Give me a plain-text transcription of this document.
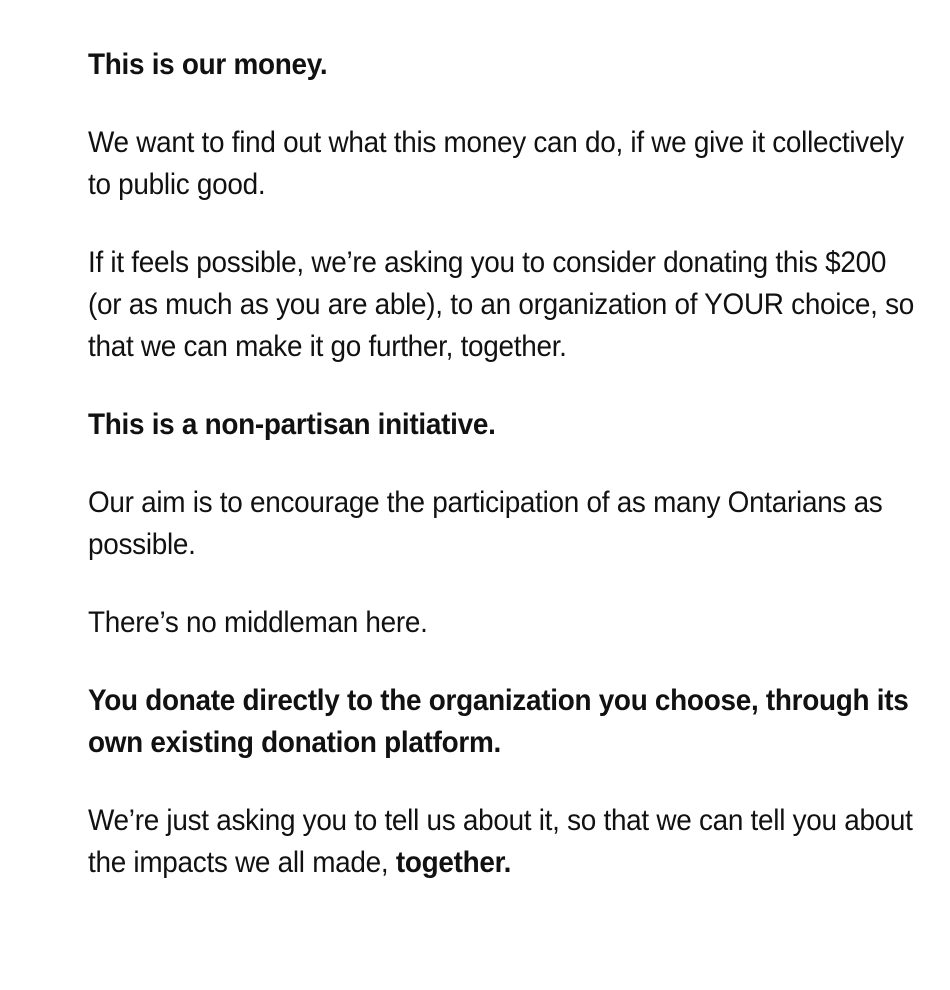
This is our money.

We want to find out what this money can do, if we give it collectively to public good.

If it feels possible, we’re asking you to consider donating this $200 (or as much as you are able), to an organization of YOUR choice, so that we can make it go further, together.

This is a non-partisan initiative.

Our aim is to encourage the participation of as many Ontarians as possible.

There’s no middleman here.

You donate directly to the organization you choose, through its own existing donation platform.

We’re just asking you to tell us about it, so that we can tell you about the impacts we all made, together.
